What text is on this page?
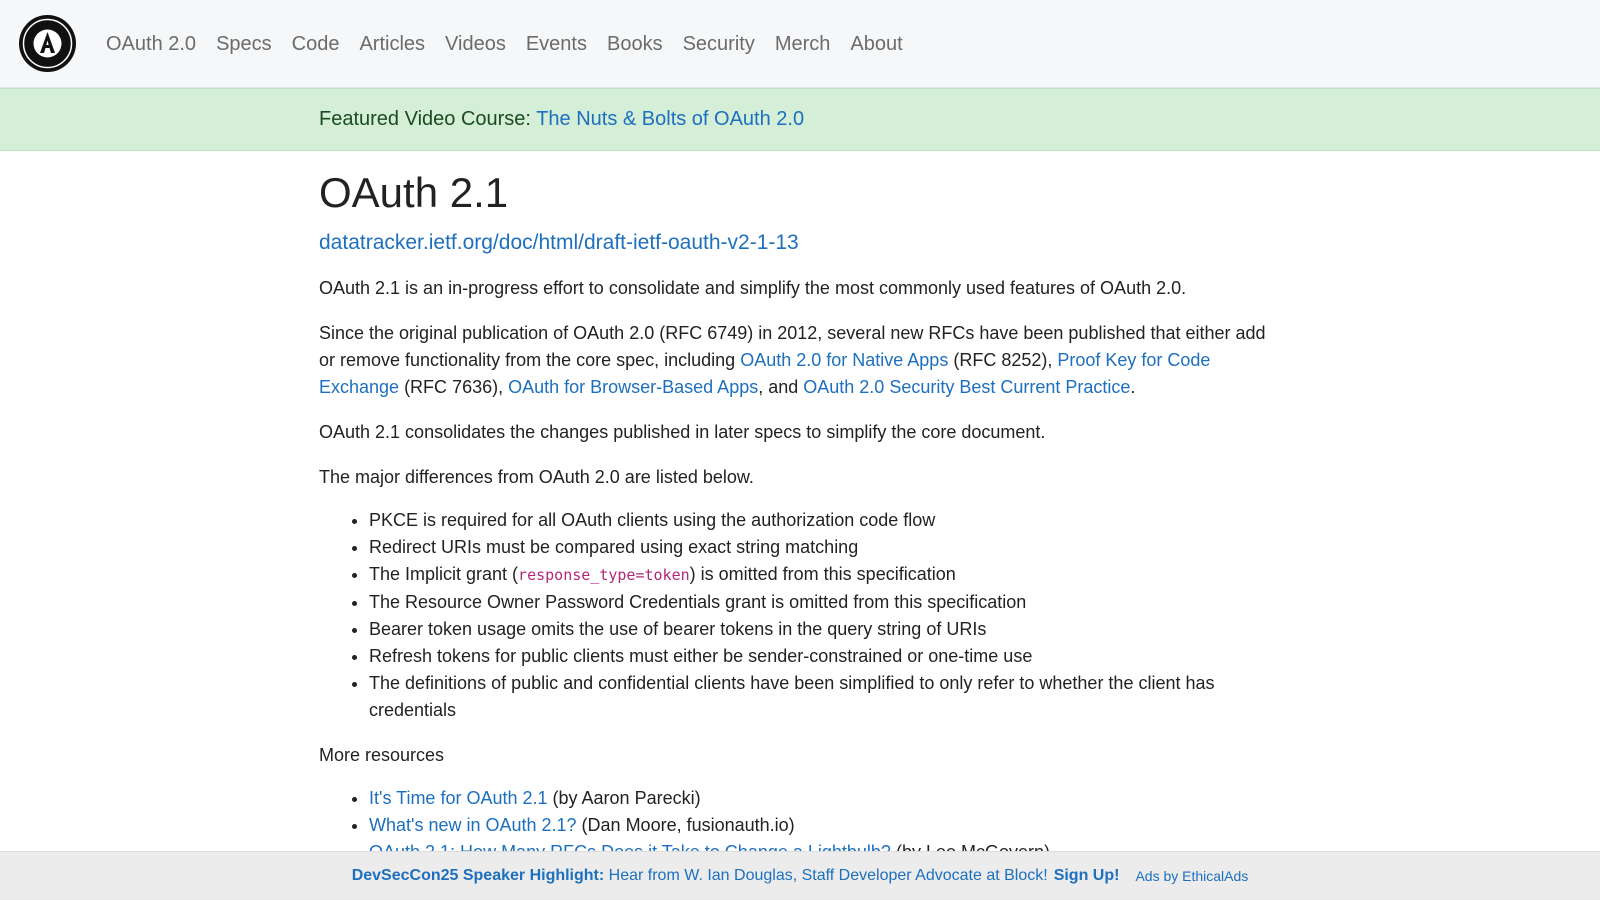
OAuth 2.0 Specs Code Articles Videos Events Books Security Merch About
Featured Video Course: The Nuts & Bolts of OAuth 2.0
OAuth 2.1
datatracker.ietf.org/doc/html/draft-ietf-oauth-v2-1-13

OAuth 2.1 is an in-progress effort to consolidate and simplify the most commonly used features of OAuth 2.0.

Since the original publication of OAuth 2.0 (RFC 6749) in 2012, several new RFCs have been published that either add or remove functionality from the core spec, including OAuth 2.0 for Native Apps (RFC 8252), Proof Key for Code Exchange (RFC 7636), OAuth for Browser-Based Apps, and OAuth 2.0 Security Best Current Practice.

OAuth 2.1 consolidates the changes published in later specs to simplify the core document.

The major differences from OAuth 2.0 are listed below.

• PKCE is required for all OAuth clients using the authorization code flow
• Redirect URIs must be compared using exact string matching
• The Implicit grant (response_type=token) is omitted from this specification
• The Resource Owner Password Credentials grant is omitted from this specification
• Bearer token usage omits the use of bearer tokens in the query string of URIs
• Refresh tokens for public clients must either be sender-constrained or one-time use
• The definitions of public and confidential clients have been simplified to only refer to whether the client has credentials

More resources

• It's Time for OAuth 2.1 (by Aaron Parecki)
• What's new in OAuth 2.1? (Dan Moore, fusionauth.io)
•
DevSecCon25 Speaker Highlight: Hear from W. Ian Douglas, Staff Developer Advocate at Block! Sign Up! Ads by EthicalAds
